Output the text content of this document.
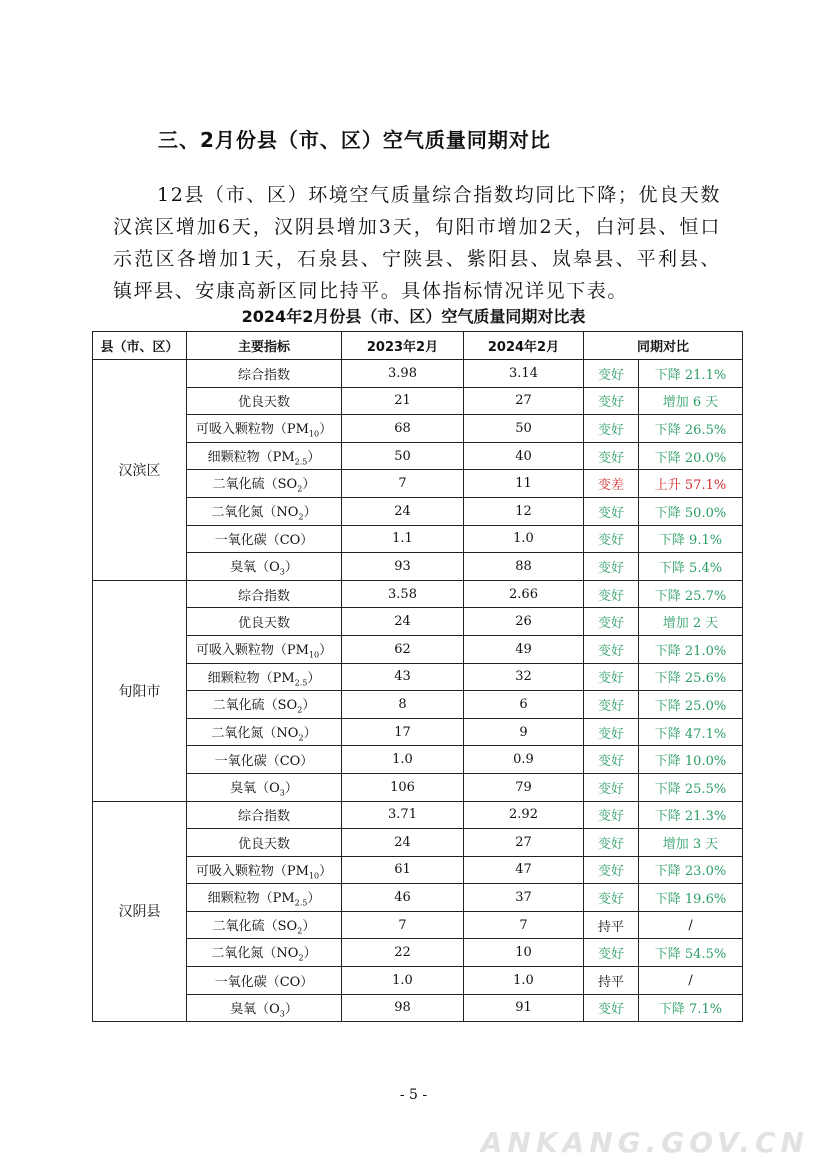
三、2月份县（市、区）空气质量同期对比

12县（市、区）环境空气质量综合指数均同比下降；优良天数汉滨区增加6天，汉阴县增加3天，旬阳市增加2天，白河县、恒口示范区各增加1天，石泉县、宁陕县、紫阳县、岚皋县、平利县、镇坪县、安康高新区同比持平。具体指标情况详见下表。

2024年2月份县（市、区）空气质量同期对比表
县（市、区）	主要指标	2023年2月	2024年2月	同期对比	
汉滨区	综合指数	3.98	3.14	变好	下降 21.1%
	优良天数	21	27	变好	增加 6 天
	可吸入颗粒物$(PM_{10})$	68	50	变好	下降 26.5%
	细颗粒物$(PM_{2.5})$	50	40	变好	下降 20.0%
	二氧化硫$(SO_2)$	7	11	变差	上升 57.1%
	二氧化氮$(NO_2)$	24	12	变好	下降 50.0%
	一氧化碳（CO）	1.1	1.0	变好	下降 9.1%
	臭氧$(O_3)$	93	88	变好	下降 5.4%
旬阳市	综合指数	3.58	2.66	变好	下降 25.7%
	优良天数	24	26	变好	增加 2 天
	可吸入颗粒物$(PM_{10})$	62	49	变好	下降 21.0%
	细颗粒物$(PM_{2.5})$	43	32	变好	下降 25.6%
	二氧化硫$(SO_2)$	8	6	变好	下降 25.0%
	二氧化氮$(NO_2)$	17	9	变好	下降 47.1%
	一氧化碳（CO）	1.0	0.9	变好	下降 10.0%
	臭氧$(O_3)$	106	79	变好	下降 25.5%
汉阴县	综合指数	3.71	2.92	变好	下降 21.3%
	优良天数	24	27	变好	增加 3 天
	可吸入颗粒物$(PM_{10})$	61	47	变好	下降 23.0%
	细颗粒物$(PM_{2.5})$	46	37	变好	下降 19.6%
	二氧化硫$(SO_2)$	7	7	持平	/
	二氧化氮$(NO_2)$	22	10	变好	下降 54.5%
	一氧化碳（CO）	1.0	1.0	持平	/
	臭氧$(O_3)$	98	91	变好	下降 7.1%
- 5 -
ANKANG.GOV.CN
